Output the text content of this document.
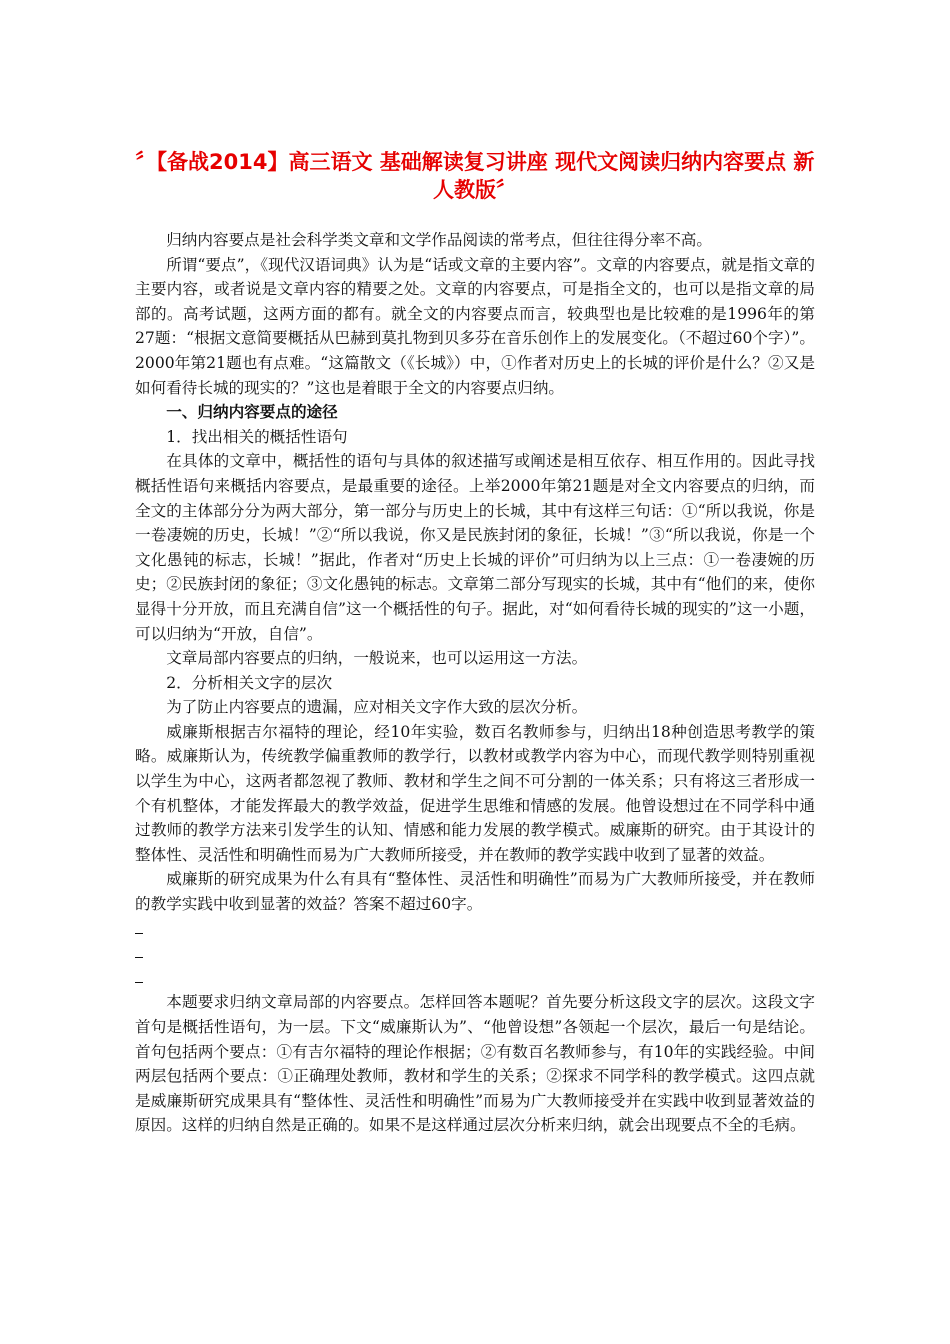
〞【备战2014】高三语文 基础解读复习讲座 现代文阅读归纳内容要点 新人教版〞

归纳内容要点是社会科学类文章和文学作品阅读的常考点，但往往得分率不高。

所谓“要点”，《现代汉语词典》认为是“话或文章的主要内容”。文章的内容要点，就是指文章的主要内容，或者说是文章内容的精要之处。文章的内容要点，可是指全文的，也可以是指文章的局部的。高考试题，这两方面的都有。就全文的内容要点而言，较典型也是比较难的是1996年的第27题：“根据文意简要概括从巴赫到莫扎物到贝多芬在音乐创作上的发展变化。（不超过60个字）”。2000年第21题也有点难。“这篇散文（《长城》）中，①作者对历史上的长城的评价是什么？②又是如何看待长城的现实的？”这也是着眼于全文的内容要点归纳。

一、归纳内容要点的途径

1．找出相关的概括性语句

在具体的文章中，概括性的语句与具体的叙述描写或阐述是相互依存、相互作用的。因此寻找概括性语句来概括内容要点，是最重要的途径。上举2000年第21题是对全文内容要点的归纳，而全文的主体部分分为两大部分，第一部分与历史上的长城，其中有这样三句话：①“所以我说，你是一卷凄婉的历史，长城！”②“所以我说，你又是民族封闭的象征，长城！”③“所以我说，你是一个文化愚钝的标志，长城！”据此，作者对“历史上长城的评价”可归纳为以上三点：①一卷凄婉的历史；②民族封闭的象征；③文化愚钝的标志。文章第二部分写现实的长城，其中有“他们的来，使你显得十分开放，而且充满自信”这一个概括性的句子。据此，对“如何看待长城的现实的”这一小题，可以归纳为“开放，自信”。

文章局部内容要点的归纳，一般说来，也可以运用这一方法。

2．分析相关文字的层次

为了防止内容要点的遗漏，应对相关文字作大致的层次分析。

威廉斯根据吉尔福特的理论，经10年实验，数百名教师参与，归纳出18种创造思考教学的策略。威廉斯认为，传统教学偏重教师的教学行，以教材或教学内容为中心，而现代教学则特别重视以学生为中心，这两者都忽视了教师、教材和学生之间不可分割的一体关系；只有将这三者形成一个有机整体，才能发挥最大的教学效益，促进学生思维和情感的发展。他曾设想过在不同学科中通过教师的教学方法来引发学生的认知、情感和能力发展的教学模式。威廉斯的研究。由于其设计的整体性、灵活性和明确性而易为广大教师所接受，并在教师的教学实践中收到了显著的效益。

威廉斯的研究成果为什么有具有“整体性、灵活性和明确性”而易为广大教师所接受，并在教师的教学实践中收到显著的效益？答案不超过60字。

本题要求归纳文章局部的内容要点。怎样回答本题呢？首先要分析这段文字的层次。这段文字首句是概括性语句，为一层。下文“威廉斯认为”、“他曾设想”各领起一个层次，最后一句是结论。首句包括两个要点：①有吉尔福特的理论作根据；②有数百名教师参与，有10年的实践经验。中间两层包括两个要点：①正确理处教师，教材和学生的关系；②探求不同学科的教学模式。这四点就是威廉斯研究成果具有“整体性、灵活性和明确性”而易为广大教师接受并在实践中收到显著效益的原因。这样的归纳自然是正确的。如果不是这样通过层次分析来归纳，就会出现要点不全的毛病。
